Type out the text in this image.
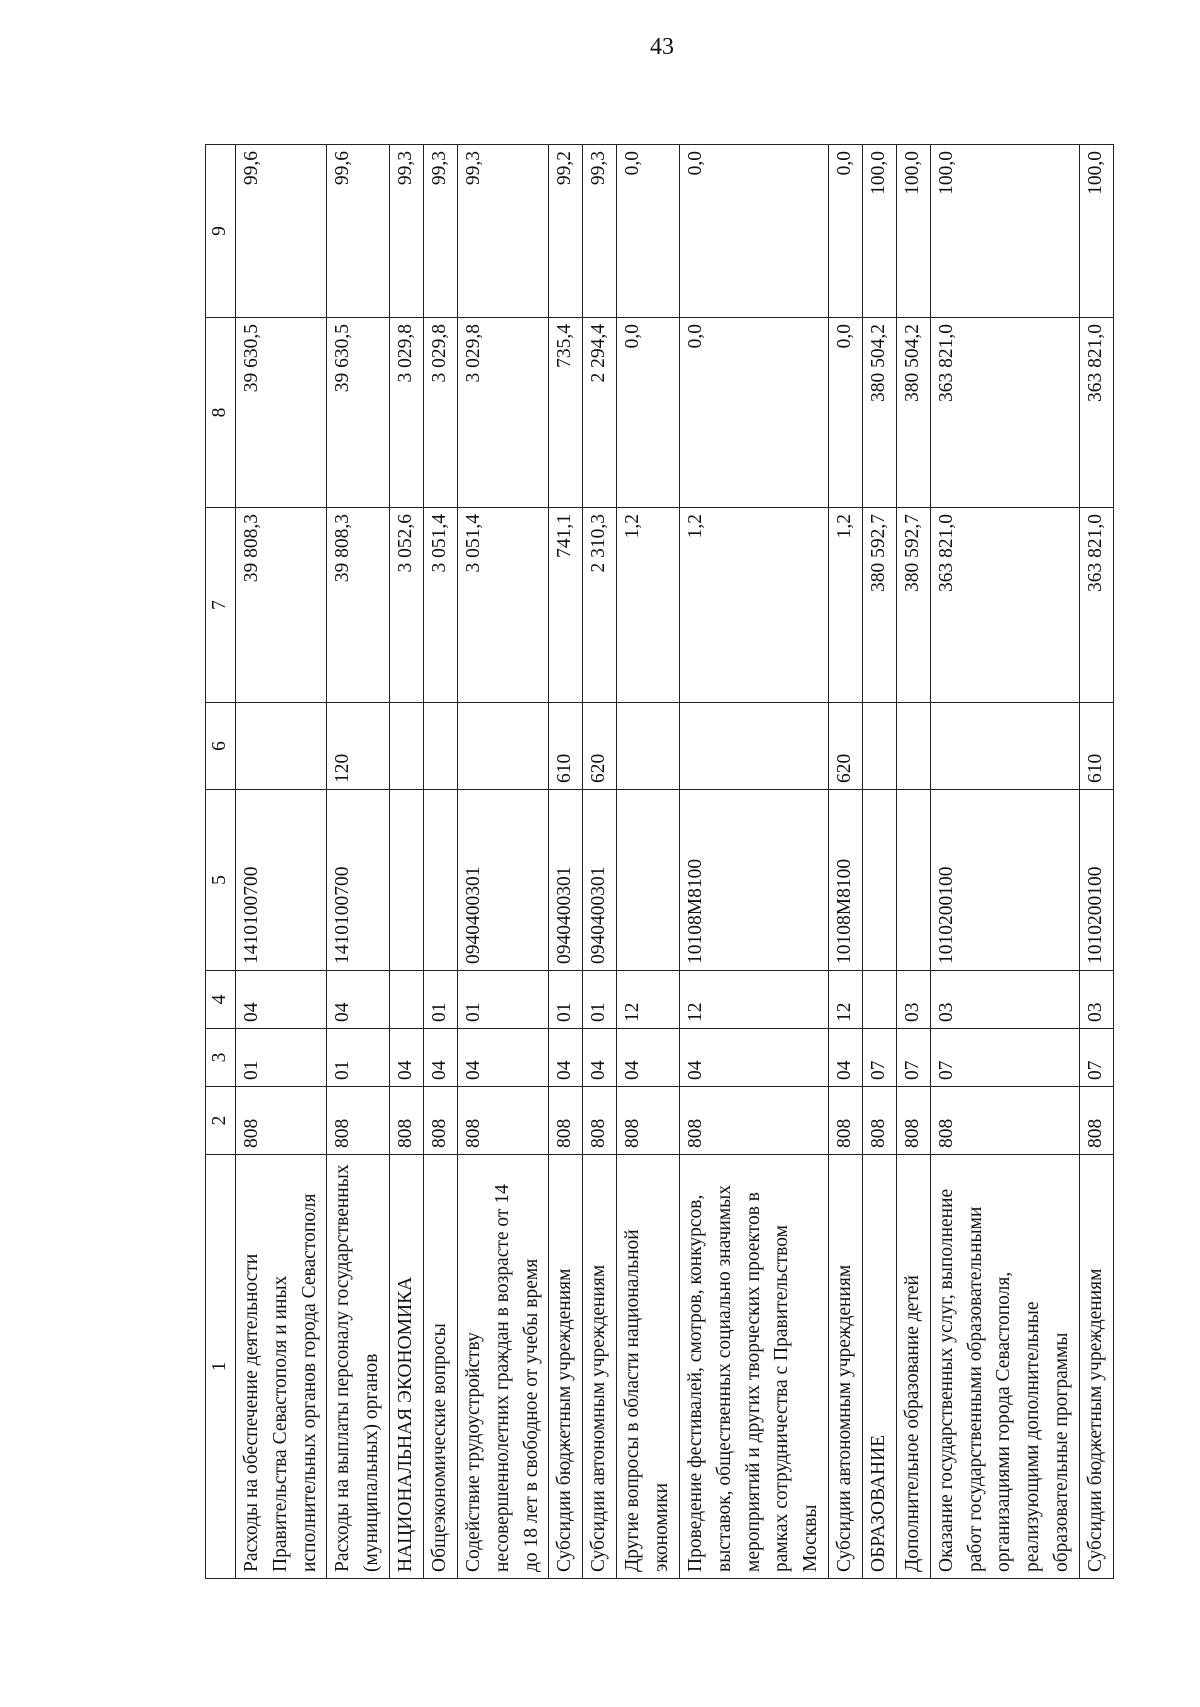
43
1	2	3	4	5	6	7	8	9
Расходы на обеспечение деятельности Правительства Севастополя и иных исполнительных органов города Севастополя	808	01	04	1410100700		39 808,3	39 630,5	99,6
Расходы на выплаты персоналу государственных (муниципальных) органов	808	01	04	1410100700	120	39 808,3	39 630,5	99,6
НАЦИОНАЛЬНАЯ ЭКОНОМИКА	808	04				3 052,6	3 029,8	99,3
Общеэкономические вопросы	808	04	01			3 051,4	3 029,8	99,3
Содействие трудоустройству несовершеннолетних граждан в возрасте от 14 до 18 лет в свободное от учебы время	808	04	01	0940400301		3 051,4	3 029,8	99,3
Субсидии бюджетным учреждениям	808	04	01	0940400301	610	741,1	735,4	99,2
Субсидии автономным учреждениям	808	04	01	0940400301	620	2 310,3	2 294,4	99,3
Другие вопросы в области национальной экономики	808	04	12			1,2	0,0	0,0
Проведение фестивалей, смотров, конкурсов, выставок, общественных социально значимых мероприятий и других творческих проектов в рамках сотрудничества с Правительством Москвы	808	04	12	10108М8100		1,2	0,0	0,0
Субсидии автономным учреждениям	808	04	12	10108М8100	620	1,2	0,0	0,0
ОБРАЗОВАНИЕ	808	07				380 592,7	380 504,2	100,0
Дополнительное образование детей	808	07	03			380 592,7	380 504,2	100,0
Оказание государственных услуг, выполнение работ государственными образовательными организациями города Севастополя, реализующими дополнительные образовательные программы	808	07	03	1010200100		363 821,0	363 821,0	100,0
Субсидии бюджетным учреждениям	808	07	03	1010200100	610	363 821,0	363 821,0	100,0
